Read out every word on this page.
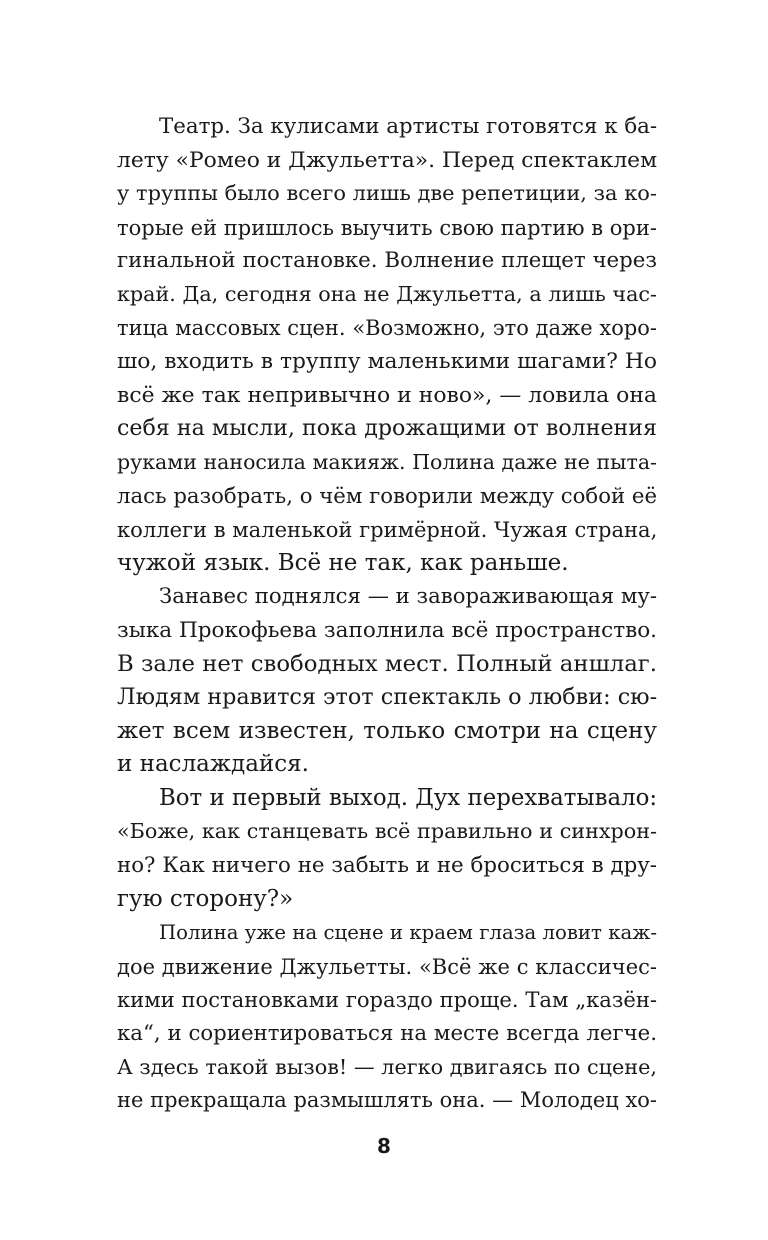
Театр. За кулисами артисты готовятся к ба-
лету «Ромео и Джульетта». Перед спектаклем
у труппы было всего лишь две репетиции, за ко-
торые ей пришлось выучить свою партию в ори-
гинальной постановке. Волнение плещет через
край. Да, сегодня она не Джульетта, а лишь час-
тица массовых сцен. «Возможно, это даже хоро-
шо, входить в труппу маленькими шагами? Но
всё же так непривычно и ново», — ловила она
себя на мысли, пока дрожащими от волнения
руками наносила макияж. Полина даже не пыта-
лась разобрать, о чём говорили между собой её
коллеги в маленькой гримёрной. Чужая страна,
чужой язык. Всё не так, как раньше.
Занавес поднялся — и завораживающая му-
зыка Прокофьева заполнила всё пространство.
В зале нет свободных мест. Полный аншлаг.
Людям нравится этот спектакль о любви: сю-
жет всем известен, только смотри на сцену
и наслаждайся.
Вот и первый выход. Дух перехватывало:
«Боже, как станцевать всё правильно и синхрон-
но? Как ничего не забыть и не броситься в дру-
гую сторону?»
Полина уже на сцене и краем глаза ловит каж-
дое движение Джульетты. «Всё же с классичес-
кими постановками гораздо проще. Там „казён-
ка“, и сориентироваться на месте всегда легче.
А здесь такой вызов! — легко двигаясь по сцене,
не прекращала размышлять она. — Молодец хо-
8
